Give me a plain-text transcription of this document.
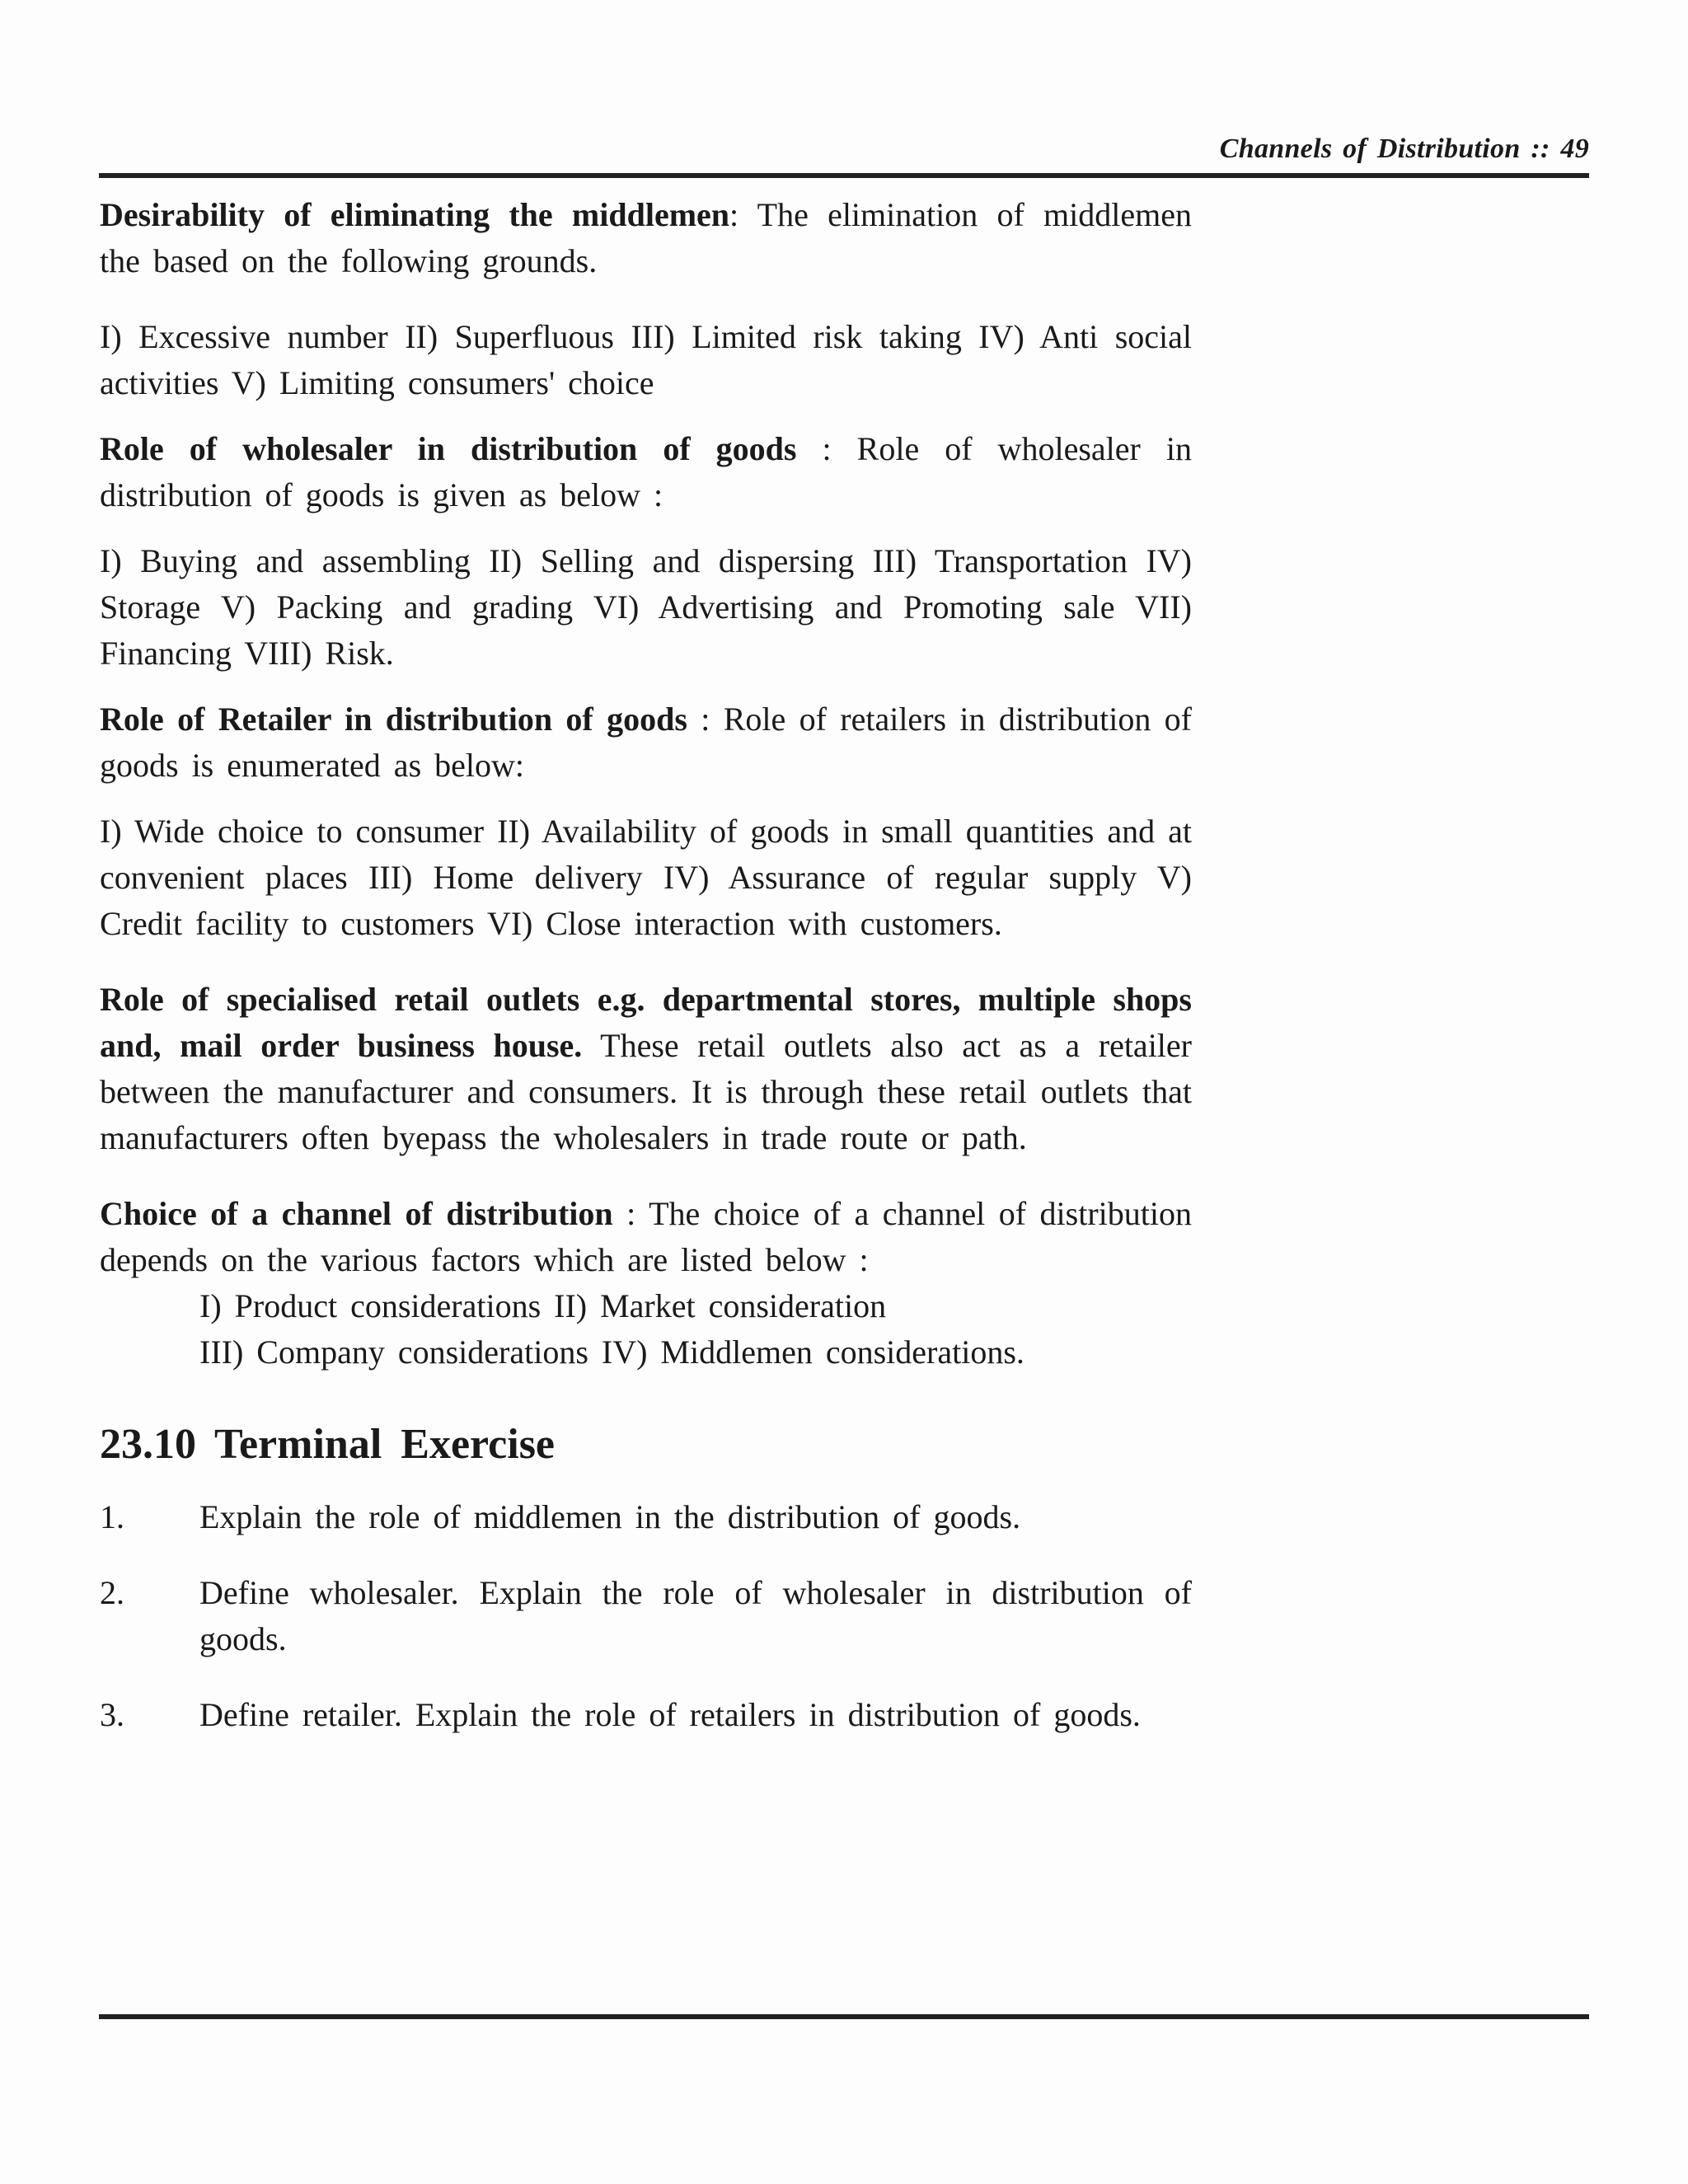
Channels of Distribution :: 49

Desirability of eliminating the middlemen: The elimination of middlemen the based on the following grounds.

I) Excessive number II) Superfluous III) Limited risk taking IV) Anti social activities V) Limiting consumers' choice

Role of wholesaler in distribution of goods : Role of wholesaler in distribution of goods is given as below :

I) Buying and assembling II) Selling and dispersing III) Transportation IV) Storage V) Packing and grading VI) Advertising and Promoting sale VII) Financing VIII) Risk.

Role of Retailer in distribution of goods : Role of retailers in distribution of goods is enumerated as below:

I) Wide choice to consumer II) Availability of goods in small quantities and at convenient places III) Home delivery IV) Assurance of regular supply V) Credit facility to customers VI) Close interaction with customers.

Role of specialised retail outlets e.g. departmental stores, multiple shops and, mail order business house. These retail outlets also act as a retailer between the manufacturer and consumers. It is through these retail outlets that manufacturers often byepass the wholesalers in trade route or path.

Choice of a channel of distribution : The choice of a channel of distribution depends on the various factors which are listed below :

I) Product considerations II) Market consideration

III) Company considerations IV) Middlemen considerations.

23.10 Terminal Exercise
1.	Explain the role of middlemen in the distribution of goods.
2.	Define wholesaler. Explain the role of wholesaler in distribution of goods.
3.	Define retailer. Explain the role of retailers in distribution of goods.
